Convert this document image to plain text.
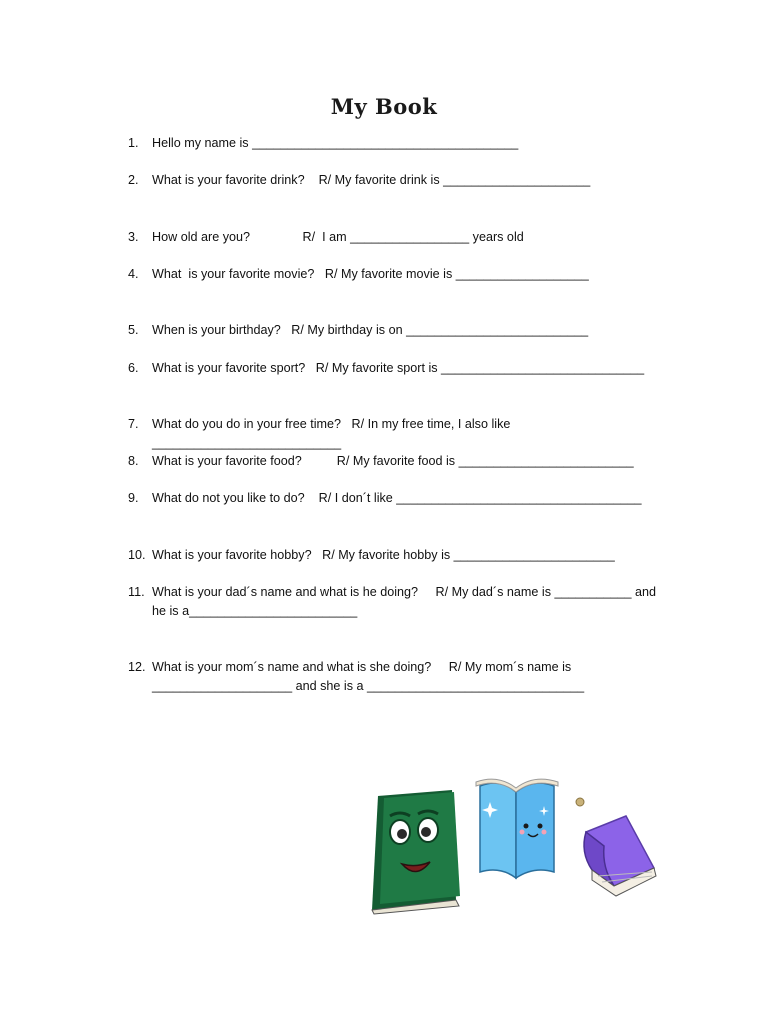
My Book
1. Hello my name is ______________________________________
2. What is your favorite drink?    R/ My favorite drink is _____________________
3. How old are you?               R/  I am _________________ years old
4. What  is your favorite movie?   R/ My favorite movie is ___________________
5. When is your birthday?   R/ My birthday is on __________________________
6. What is your favorite sport?   R/ My favorite sport is _____________________________
7. What do you do in your free time?   R/ In my free time, I also like ___________________________
8. What is your favorite food?          R/ My favorite food is _________________________
9. What do not you like to do?    R/ I don´t like ___________________________________
10. What is your favorite hobby?   R/ My favorite hobby is _______________________
11. What is your dad´s name and what is he doing?     R/ My dad´s name is ___________ and he is a________________________
12. What is your mom´s name and what is she doing?     R/ My mom´s name is ____________________ and she is a _______________________________
